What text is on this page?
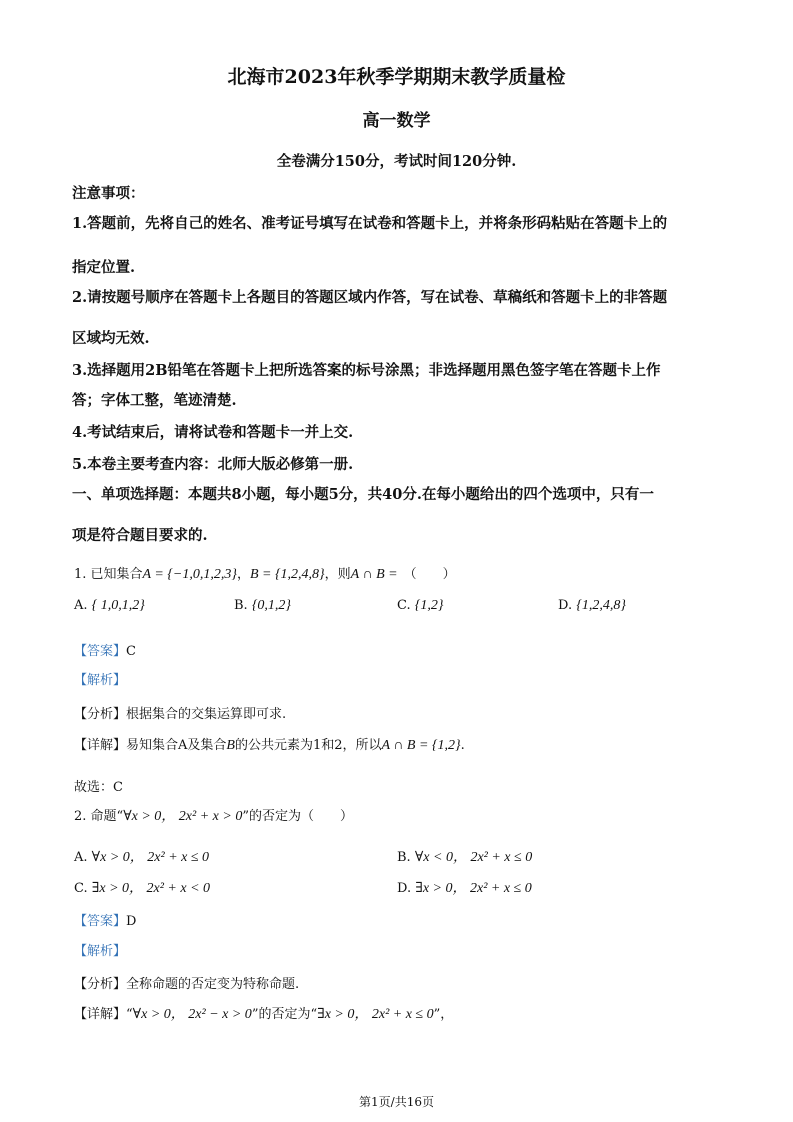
北海市2023年秋季学期期末教学质量检
高一数学
全卷满分150分，考试时间120分钟.
注意事项：
1.答题前，先将自己的姓名、准考证号填写在试卷和答题卡上，并将条形码粘贴在答题卡上的
指定位置.
2.请按题号顺序在答题卡上各题目的答题区域内作答，写在试卷、草稿纸和答题卡上的非答题
区域均无效.
3.选择题用2B铅笔在答题卡上把所选答案的标号涂黑；非选择题用黑色签字笔在答题卡上作
答；字体工整，笔迹清楚.
4.考试结束后，请将试卷和答题卡一并上交.
5.本卷主要考查内容：北师大版必修第一册.
一、单项选择题：本题共8小题，每小题5分，共40分.在每小题给出的四个选项中，只有一
项是符合题目要求的.
1. 已知集合A = {−1,0,1,2,3}，B = {1,2,4,8}，则A ∩ B = （　　）
A. { 1,0,1,2}	B. {0,1,2}	C. {1,2}	D. {1,2,4,8}
【答案】C
【解析】
【分析】根据集合的交集运算即可求.
【详解】易知集合A及集合B的公共元素为1和2，所以A ∩ B = {1,2}.
故选：C
2. 命题“∀x > 0， 2x² + x > 0”的否定为（　　）
A. ∀x > 0， 2x² + x ≤ 0	B. ∀x < 0， 2x² + x ≤ 0
C. ∃x > 0， 2x² + x < 0	D. ∃x > 0， 2x² + x ≤ 0
【答案】D
【解析】
【分析】全称命题的否定变为特称命题.
【详解】“∀x > 0， 2x² − x > 0”的否定为“∃x > 0， 2x² + x ≤ 0”，
第1页/共16页
